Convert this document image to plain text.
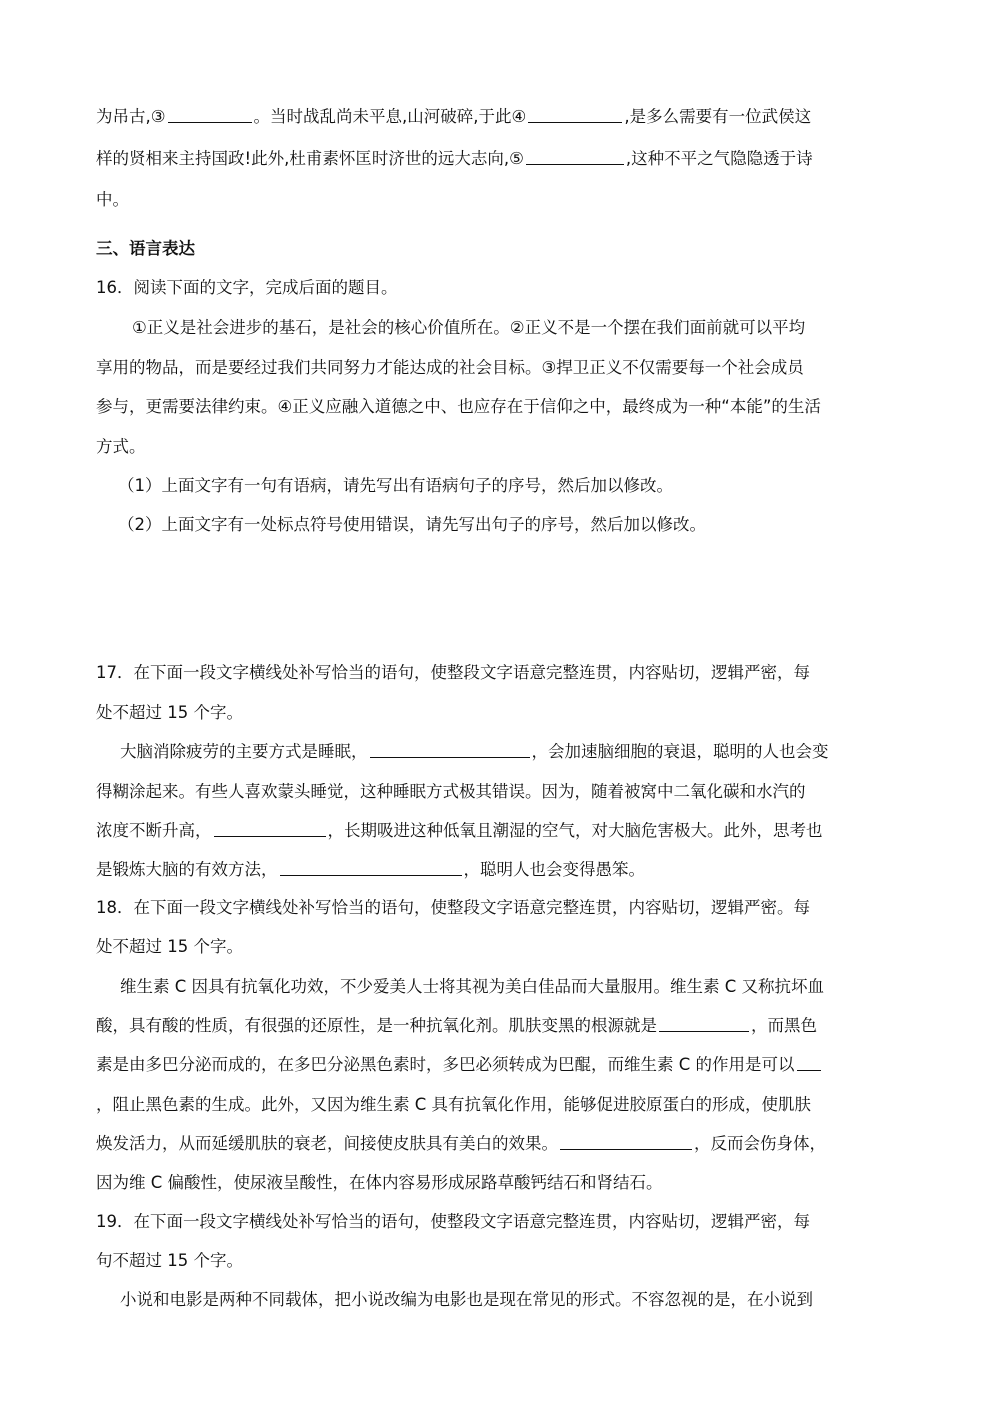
为吊古,③	。当时战乱尚未平息,山河破碎,于此④	,是多么需要有一位武侯这
样的贤相来主持国政!此外,杜甫素怀匡时济世的远大志向,⑤	,这种不平之气隐隐透于诗
中。
三、语言表达
16．阅读下面的文字，完成后面的题目。
①正义是社会进步的基石，是社会的核心价值所在。②正义不是一个摆在我们面前就可以平均
享用的物品，而是要经过我们共同努力才能达成的社会目标。③捍卫正义不仅需要每一个社会成员
参与，更需要法律约束。④正义应融入道德之中、也应存在于信仰之中，最终成为一种“本能”的生活
方式。
（1）上面文字有一句有语病，请先写出有语病句子的序号，然后加以修改。
（2）上面文字有一处标点符号使用错误，请先写出句子的序号，然后加以修改。
17．在下面一段文字横线处补写恰当的语句，使整段文字语意完整连贯，内容贴切，逻辑严密，每
处不超过 15 个字。
大脑消除疲劳的主要方式是睡眠，	，会加速脑细胞的衰退，聪明的人也会变
得糊涂起来。有些人喜欢蒙头睡觉，这种睡眠方式极其错误。因为，随着被窝中二氧化碳和水汽的
浓度不断升高，	，长期吸进这种低氧且潮湿的空气，对大脑危害极大。此外，思考也
是锻炼大脑的有效方法，	，聪明人也会变得愚笨。
18．在下面一段文字横线处补写恰当的语句，使整段文字语意完整连贯，内容贴切，逻辑严密。每
处不超过 15 个字。
维生素 C 因具有抗氧化功效，不少爱美人士将其视为美白佳品而大量服用。维生素 C 又称抗坏血
酸，具有酸的性质，有很强的还原性，是一种抗氧化剂。肌肤变黑的根源就是	，而黑色
素是由多巴分泌而成的，在多巴分泌黑色素时，多巴必须转成为巴醌，而维生素 C 的作用是可以
，阻止黑色素的生成。此外，又因为维生素 C 具有抗氧化作用，能够促进胶原蛋白的形成，使肌肤
焕发活力，从而延缓肌肤的衰老，间接使皮肤具有美白的效果。	，反而会伤身体，
因为维 C 偏酸性，使尿液呈酸性，在体内容易形成尿路草酸钙结石和肾结石。
19．在下面一段文字横线处补写恰当的语句，使整段文字语意完整连贯，内容贴切，逻辑严密，每
句不超过 15 个字。
小说和电影是两种不同载体，把小说改编为电影也是现在常见的形式。不容忽视的是，在小说到
